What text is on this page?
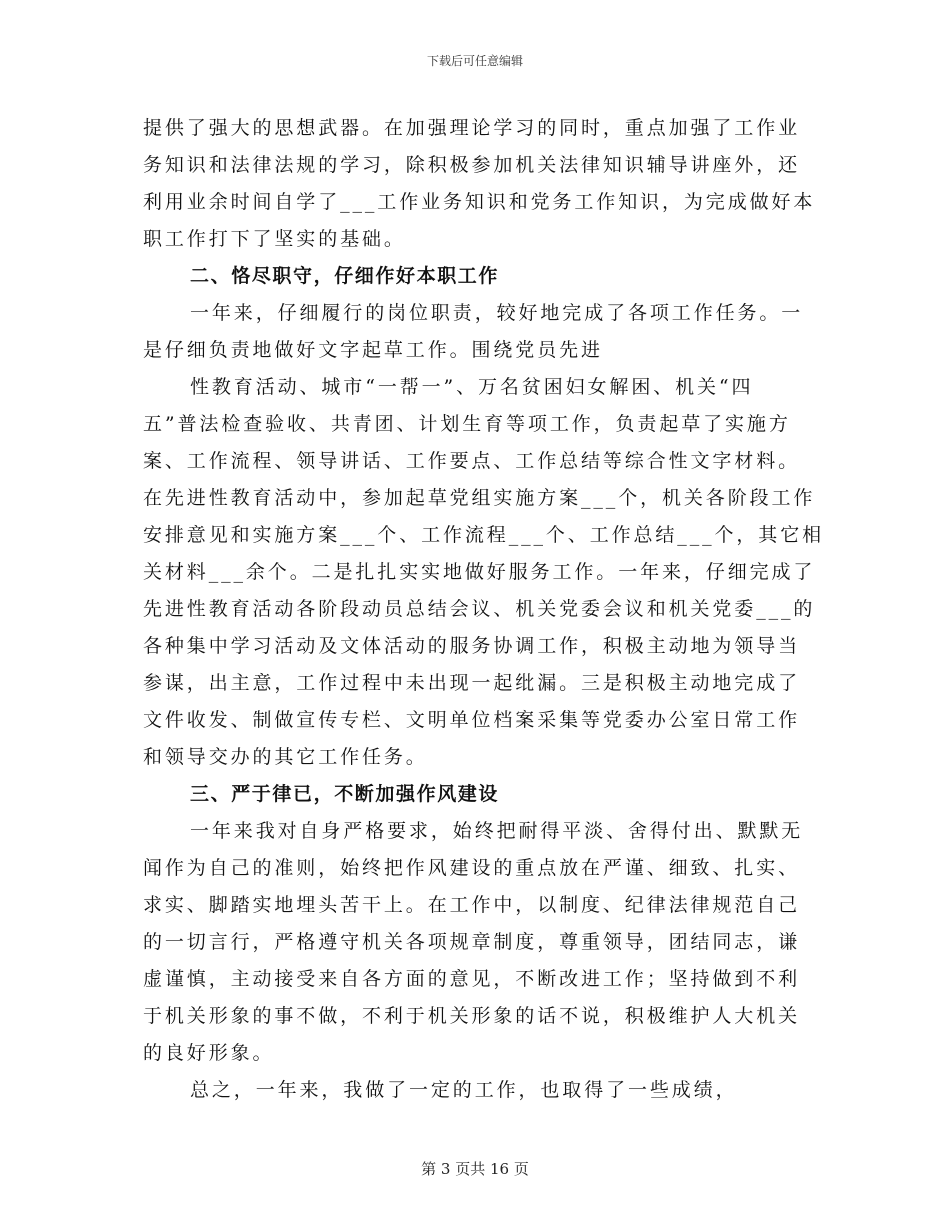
下载后可任意编辑
提供了强大的思想武器。在加强理论学习的同时，重点加强了工作业
务知识和法律法规的学习，除积极参加机关法律知识辅导讲座外，还
利用业余时间自学了___工作业务知识和党务工作知识，为完成做好本
职工作打下了坚实的基础。
二、恪尽职守，仔细作好本职工作
一年来，仔细履行的岗位职责，较好地完成了各项工作任务。一
是仔细负责地做好文字起草工作。围绕党员先进
性教育活动、城市“一帮一”、万名贫困妇女解困、机关“四
五”普法检查验收、共青团、计划生育等项工作，负责起草了实施方
案、工作流程、领导讲话、工作要点、工作总结等综合性文字材料。
在先进性教育活动中，参加起草党组实施方案___个，机关各阶段工作
安排意见和实施方案___个、工作流程___个、工作总结___个，其它相
关材料___余个。二是扎扎实实地做好服务工作。一年来，仔细完成了
先进性教育活动各阶段动员总结会议、机关党委会议和机关党委___的
各种集中学习活动及文体活动的服务协调工作，积极主动地为领导当
参谋，出主意，工作过程中未出现一起纰漏。三是积极主动地完成了
文件收发、制做宣传专栏、文明单位档案采集等党委办公室日常工作
和领导交办的其它工作任务。
三、严于律已，不断加强作风建设
一年来我对自身严格要求，始终把耐得平淡、舍得付出、默默无
闻作为自己的准则，始终把作风建设的重点放在严谨、细致、扎实、
求实、脚踏实地埋头苦干上。在工作中，以制度、纪律法律规范自己
的一切言行，严格遵守机关各项规章制度，尊重领导，团结同志，谦
虚谨慎，主动接受来自各方面的意见，不断改进工作；坚持做到不利
于机关形象的事不做，不利于机关形象的话不说，积极维护人大机关
的良好形象。
总之，一年来，我做了一定的工作，也取得了一些成绩，
第 3 页共 16 页
